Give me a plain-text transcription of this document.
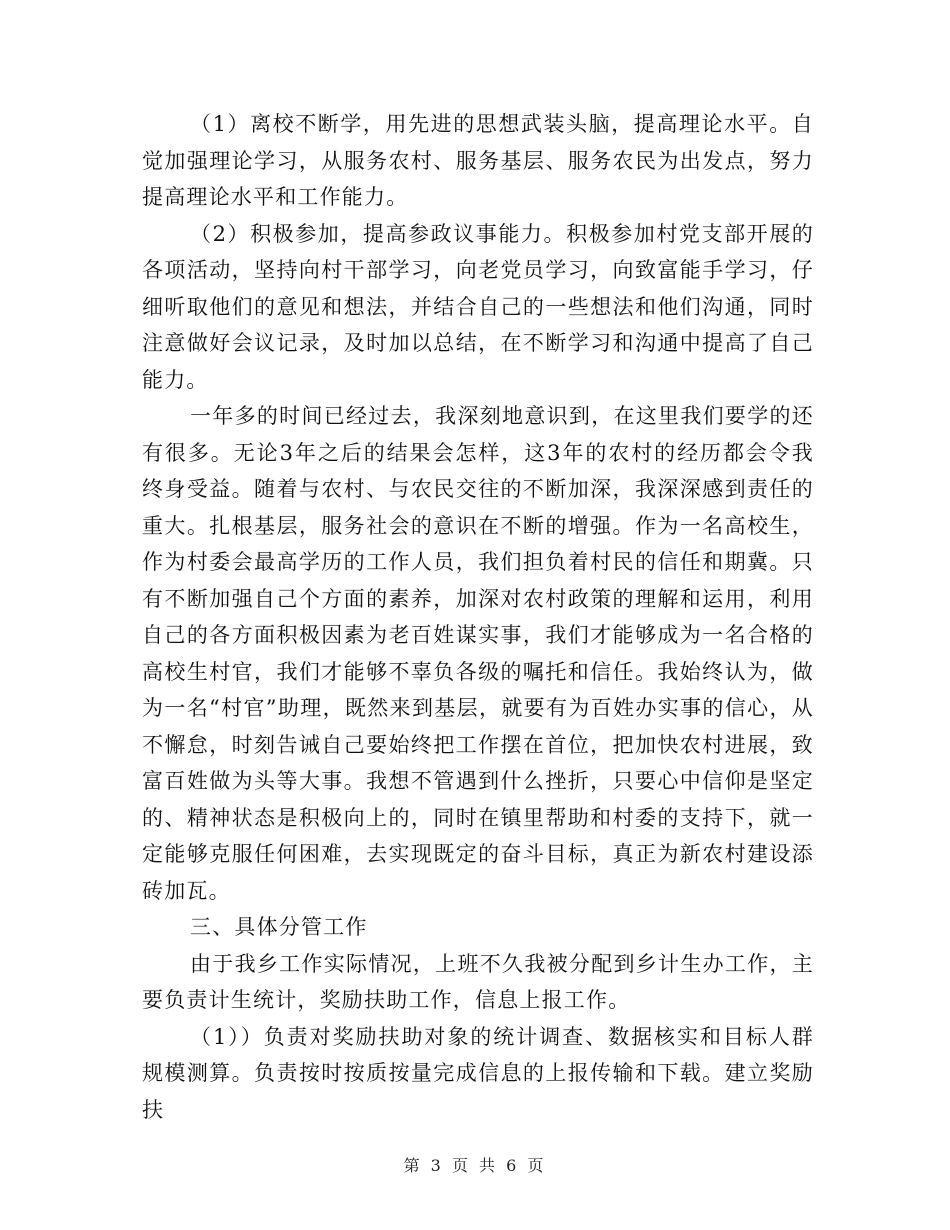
（1）离校不断学，用先进的思想武装头脑，提高理论水平。自觉加强理论学习，从服务农村、服务基层、服务农民为出发点，努力提高理论水平和工作能力。

（2）积极参加，提高参政议事能力。积极参加村党支部开展的各项活动，坚持向村干部学习，向老党员学习，向致富能手学习，仔细听取他们的意见和想法，并结合自己的一些想法和他们沟通，同时注意做好会议记录，及时加以总结，在不断学习和沟通中提高了自己能力。

一年多的时间已经过去，我深刻地意识到，在这里我们要学的还有很多。无论3年之后的结果会怎样，这3年的农村的经历都会令我终身受益。随着与农村、与农民交往的不断加深，我深深感到责任的重大。扎根基层，服务社会的意识在不断的增强。作为一名高校生，作为村委会最高学历的工作人员，我们担负着村民的信任和期冀。只有不断加强自己个方面的素养，加深对农村政策的理解和运用，利用自己的各方面积极因素为老百姓谋实事，我们才能够成为一名合格的高校生村官，我们才能够不辜负各级的嘱托和信任。我始终认为，做为一名“村官”助理，既然来到基层，就要有为百姓办实事的信心，从不懈怠，时刻告诫自己要始终把工作摆在首位，把加快农村进展，致富百姓做为头等大事。我想不管遇到什么挫折，只要心中信仰是坚定的、精神状态是积极向上的，同时在镇里帮助和村委的支持下，就一定能够克服任何困难，去实现既定的奋斗目标，真正为新农村建设添砖加瓦。

三、具体分管工作

由于我乡工作实际情况，上班不久我被分配到乡计生办工作，主要负责计生统计，奖励扶助工作，信息上报工作。

（1））负责对奖励扶助对象的统计调查、数据核实和目标人群规模测算。负责按时按质按量完成信息的上报传输和下载。建立奖励扶

第 3 页 共 6 页
